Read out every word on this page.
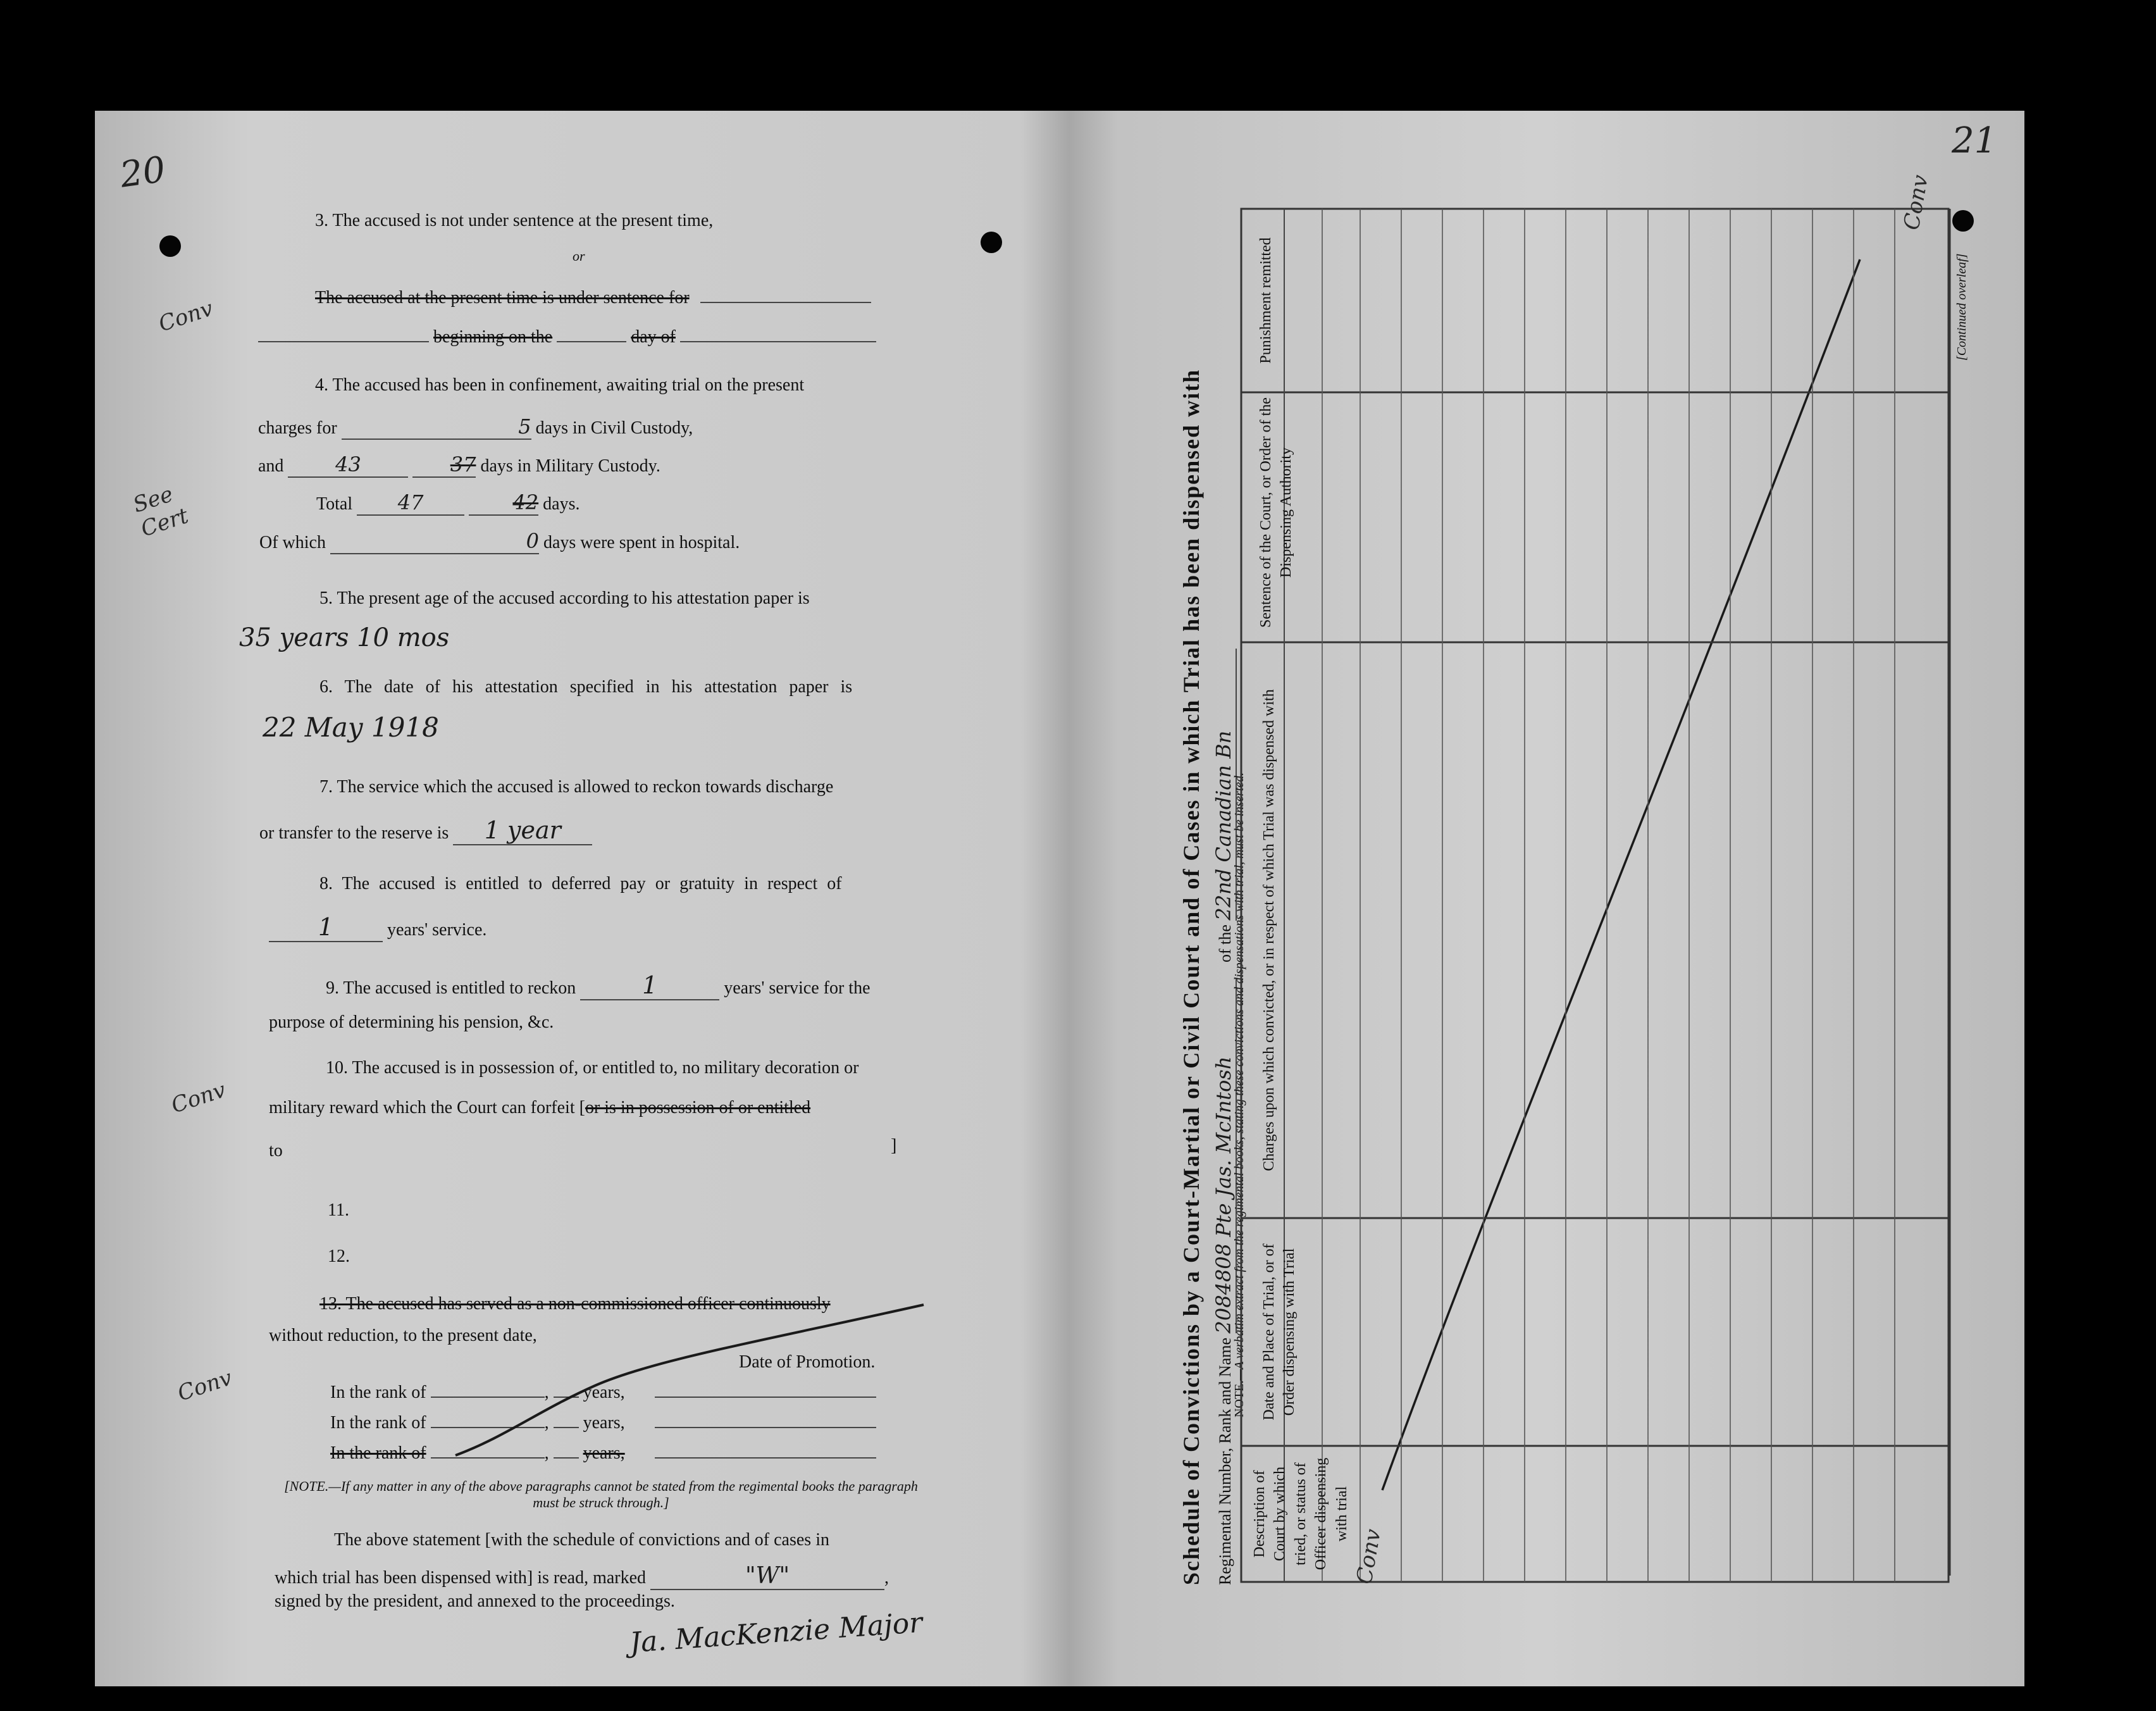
20
21
Conv
See Cert
Conv
Conv
3. The accused is not under sentence at the present time,
or
The accused at the present time is under sentence for
beginning on the	day of
4. The accused has been in confinement, awaiting trial on the present
charges for	5 days in Civil Custody,
and	43	37 days in Military Custody.
Total 47	42 days.
Of which	0 days were spent in hospital.
5. The present age of the accused according to his attestation paper is
35 years 10 mos
6. The date of his attestation specified in his attestation paper is
22 May 1918
7. The service which the accused is allowed to reckon towards discharge
or transfer to the reserve is 1 year
8. The accused is entitled to deferred pay or gratuity in respect of
1	years' service.
9. The accused is entitled to reckon	1	years' service for the
purpose of determining his pension, &c.
10. The accused is in possession of, or entitled to, no military decoration or
military reward which the Court can forfeit [or is in possession of or entitled
to	]
11.
12.
13. The accused has served as a non-commissioned officer continuously
without reduction, to the present date,
Date of Promotion.
In the rank of	,  years,
In the rank of	,  years,
In the rank of	,  years,
[NOTE.—If any matter in any of the above paragraphs cannot be stated from the regimental books the paragraph must be struck through.]
The above statement [with the schedule of convictions and of cases in
which trial has been dispensed with] is read, marked	"W"	,
signed by the president, and annexed to the proceedings.
Ja. MacKenzie Major
Schedule of Convictions by a Court-Martial or Civil Court and of Cases in which Trial has been dispensed with Regimental Number, Rank and Name 2084808 Pte Jas. McIntosh of the 22nd Canadian Bn
NOTE.—A verbatim extract from the regimental books, stating these convictions and dispensations with trial, must be inserted.
Description of Court by which tried, or status of Officer dispensing with trial
Date and Place of Trial, or of Order dispensing with Trial
Charges upon which convicted, or in respect of which Trial was dispensed with
Sentence of the Court, or Order of the Dispensing Authority
Punishment remitted	[Continued overleaf]
Conv
Conv
